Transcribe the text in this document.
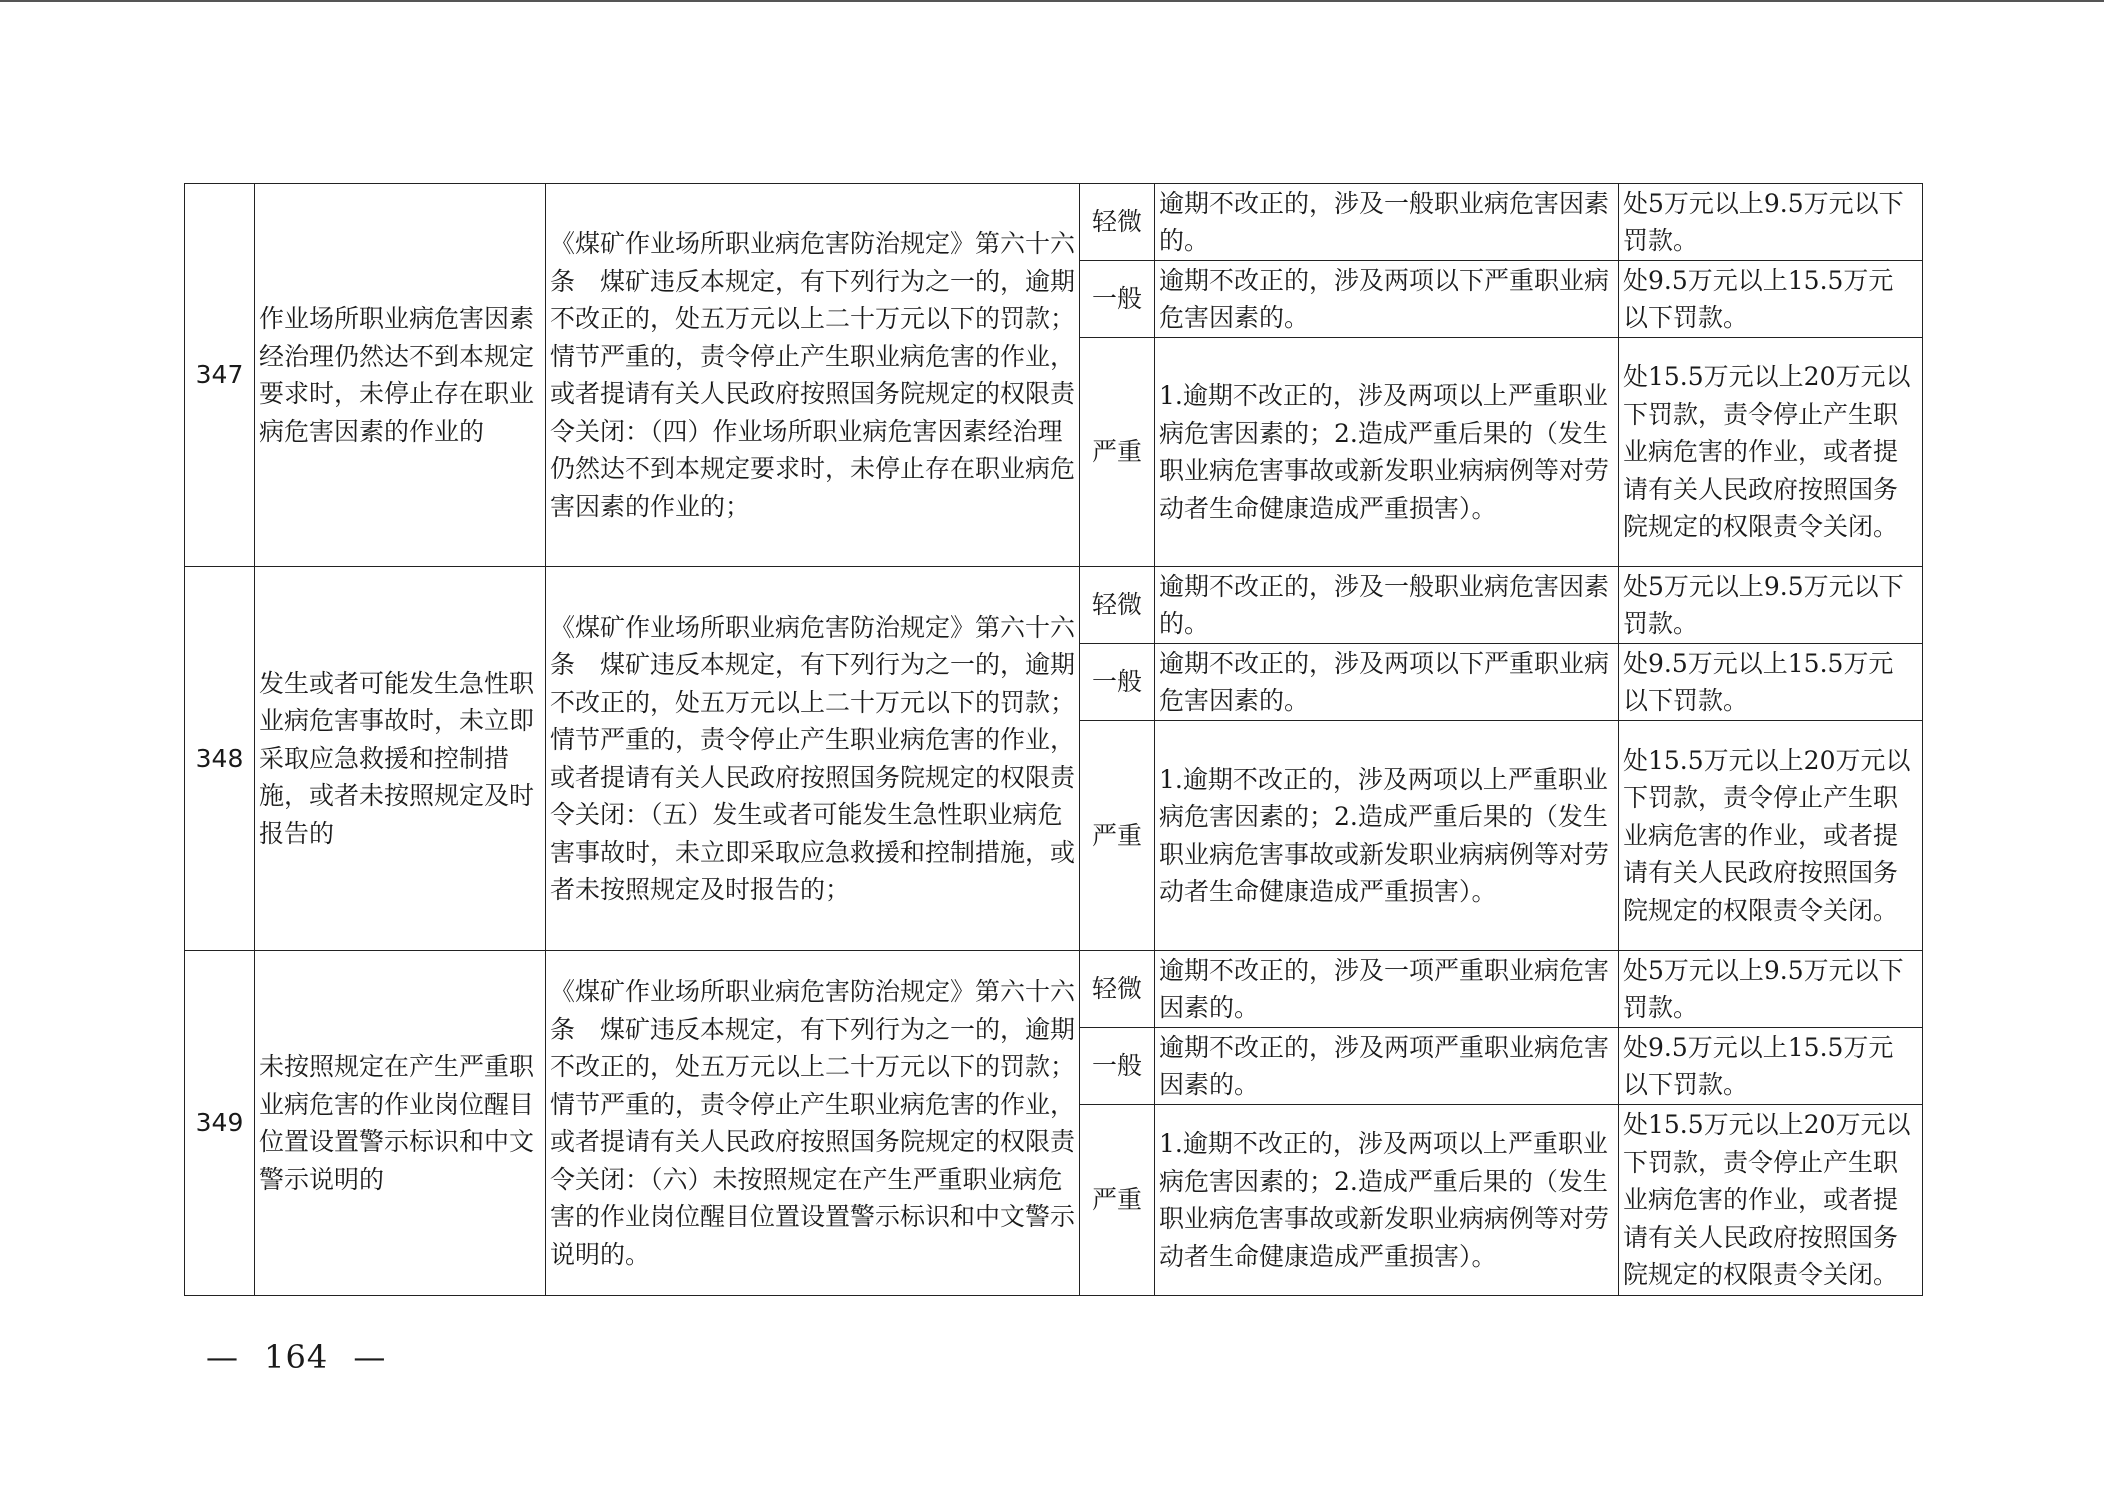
347	作业场所职业病危害因素经治理仍然达不到本规定要求时，未停止存在职业病危害因素的作业的	《煤矿作业场所职业病危害防治规定》第六十六条　煤矿违反本规定，有下列行为之一的，逾期不改正的，处五万元以上二十万元以下的罚款；情节严重的，责令停止产生职业病危害的作业，或者提请有关人民政府按照国务院规定的权限责令关闭：（四）作业场所职业病危害因素经治理仍然达不到本规定要求时，未停止存在职业病危害因素的作业的；	轻微	逾期不改正的，涉及一般职业病危害因素的。	处5万元以上9.5万元以下罚款。
			一般	逾期不改正的，涉及两项以下严重职业病危害因素的。	处9.5万元以上15.5万元以下罚款。
			严重	1.逾期不改正的，涉及两项以上严重职业病危害因素的；2.造成严重后果的（发生职业病危害事故或新发职业病病例等对劳动者生命健康造成严重损害）。	处15.5万元以上20万元以下罚款，责令停止产生职业病危害的作业，或者提请有关人民政府按照国务院规定的权限责令关闭。
348	发生或者可能发生急性职业病危害事故时，未立即采取应急救援和控制措施，或者未按照规定及时报告的	《煤矿作业场所职业病危害防治规定》第六十六条　煤矿违反本规定，有下列行为之一的，逾期不改正的，处五万元以上二十万元以下的罚款；情节严重的，责令停止产生职业病危害的作业，或者提请有关人民政府按照国务院规定的权限责令关闭：（五）发生或者可能发生急性职业病危害事故时，未立即采取应急救援和控制措施，或者未按照规定及时报告的；	轻微	逾期不改正的，涉及一般职业病危害因素的。	处5万元以上9.5万元以下罚款。
			一般	逾期不改正的，涉及两项以下严重职业病危害因素的。	处9.5万元以上15.5万元以下罚款。
			严重	1.逾期不改正的，涉及两项以上严重职业病危害因素的；2.造成严重后果的（发生职业病危害事故或新发职业病病例等对劳动者生命健康造成严重损害）。	处15.5万元以上20万元以下罚款，责令停止产生职业病危害的作业，或者提请有关人民政府按照国务院规定的权限责令关闭。
349	未按照规定在产生严重职业病危害的作业岗位醒目位置设置警示标识和中文警示说明的	《煤矿作业场所职业病危害防治规定》第六十六条　煤矿违反本规定，有下列行为之一的，逾期不改正的，处五万元以上二十万元以下的罚款；情节严重的，责令停止产生职业病危害的作业，或者提请有关人民政府按照国务院规定的权限责令关闭：（六）未按照规定在产生严重职业病危害的作业岗位醒目位置设置警示标识和中文警示说明的。	轻微	逾期不改正的，涉及一项严重职业病危害因素的。	处5万元以上9.5万元以下罚款。
			一般	逾期不改正的，涉及两项严重职业病危害因素的。	处9.5万元以上15.5万元以下罚款。
			严重	1.逾期不改正的，涉及两项以上严重职业病危害因素的；2.造成严重后果的（发生职业病危害事故或新发职业病病例等对劳动者生命健康造成严重损害）。	处15.5万元以上20万元以下罚款，责令停止产生职业病危害的作业，或者提请有关人民政府按照国务院规定的权限责令关闭。
— 164 —
